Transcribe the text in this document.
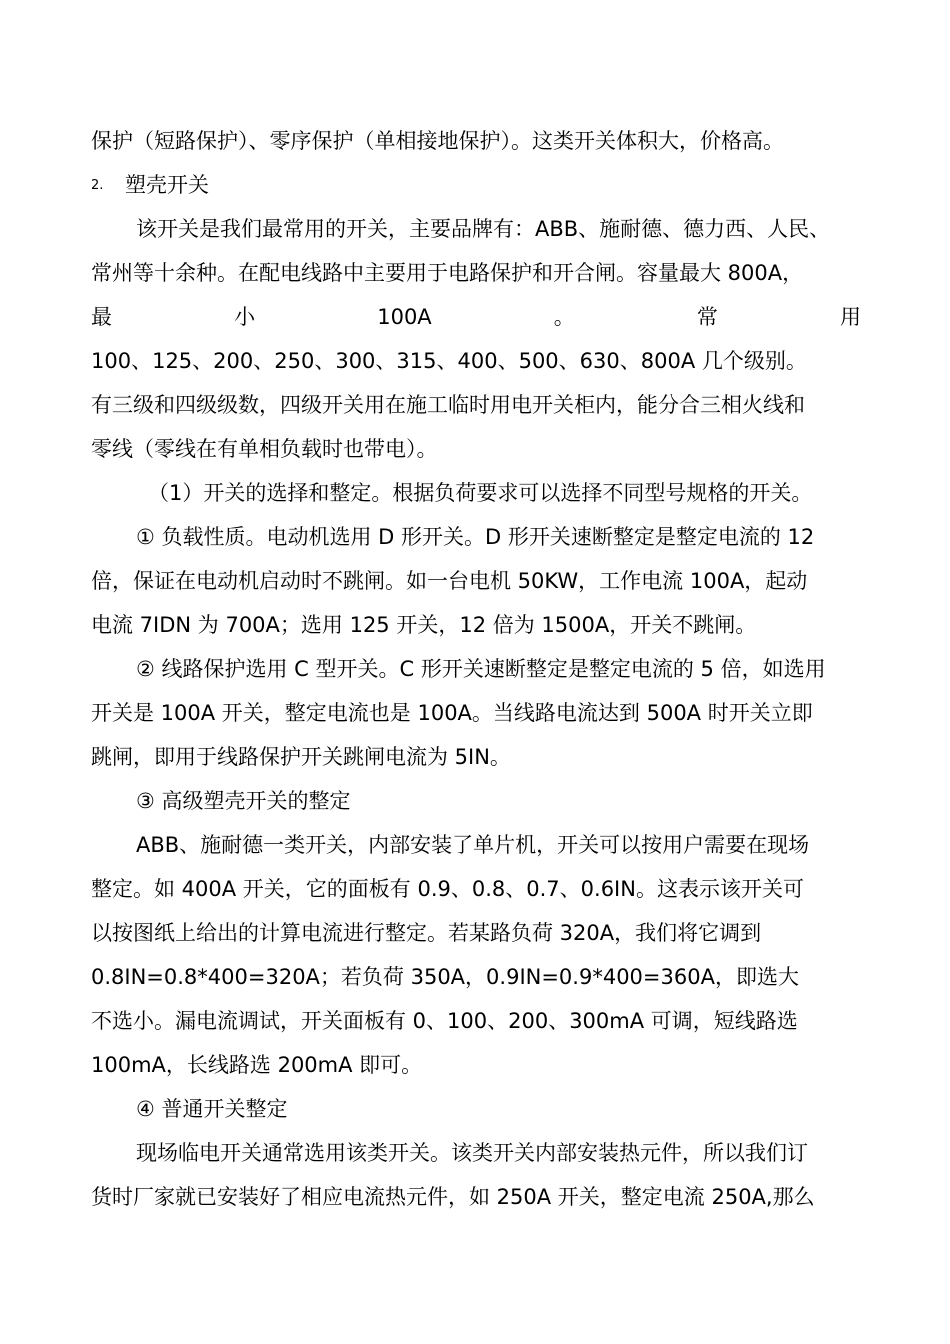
保护（短路保护）、零序保护（单相接地保护）。这类开关体积大，价格高。
2. 塑壳开关
该开关是我们最常用的开关，主要品牌有：ABB、施耐德、德力西、人民、
常州等十余种。在配电线路中主要用于电路保护和开合闸。容量最大 800A，
最	小	100A	。	常	用
100、125、200、250、300、315、400、500、630、800A 几个级别。
有三级和四级级数，四级开关用在施工临时用电开关柜内，能分合三相火线和
零线（零线在有单相负载时也带电）。
（1）开关的选择和整定。根据负荷要求可以选择不同型号规格的开关。
① 负载性质。电动机选用 D 形开关。D 形开关速断整定是整定电流的 12
倍，保证在电动机启动时不跳闸。如一台电机 50KW，工作电流 100A，起动
电流 7IDN 为 700A；选用 125 开关，12 倍为 1500A，开关不跳闸。
② 线路保护选用 C 型开关。C 形开关速断整定是整定电流的 5 倍，如选用
开关是 100A 开关，整定电流也是 100A。当线路电流达到 500A 时开关立即
跳闸，即用于线路保护开关跳闸电流为 5IN。
③ 高级塑壳开关的整定
ABB、施耐德一类开关，内部安装了单片机，开关可以按用户需要在现场
整定。如 400A 开关，它的面板有 0.9、0.8、0.7、0.6IN。这表示该开关可
以按图纸上给出的计算电流进行整定。若某路负荷 320A，我们将它调到
0.8IN=0.8*400=320A；若负荷 350A，0.9IN=0.9*400=360A，即选大
不选小。漏电流调试，开关面板有 0、100、200、300mA 可调，短线路选
100mA，长线路选 200mA 即可。
④ 普通开关整定
现场临电开关通常选用该类开关。该类开关内部安装热元件，所以我们订
货时厂家就已安装好了相应电流热元件，如 250A 开关，整定电流 250A,那么
